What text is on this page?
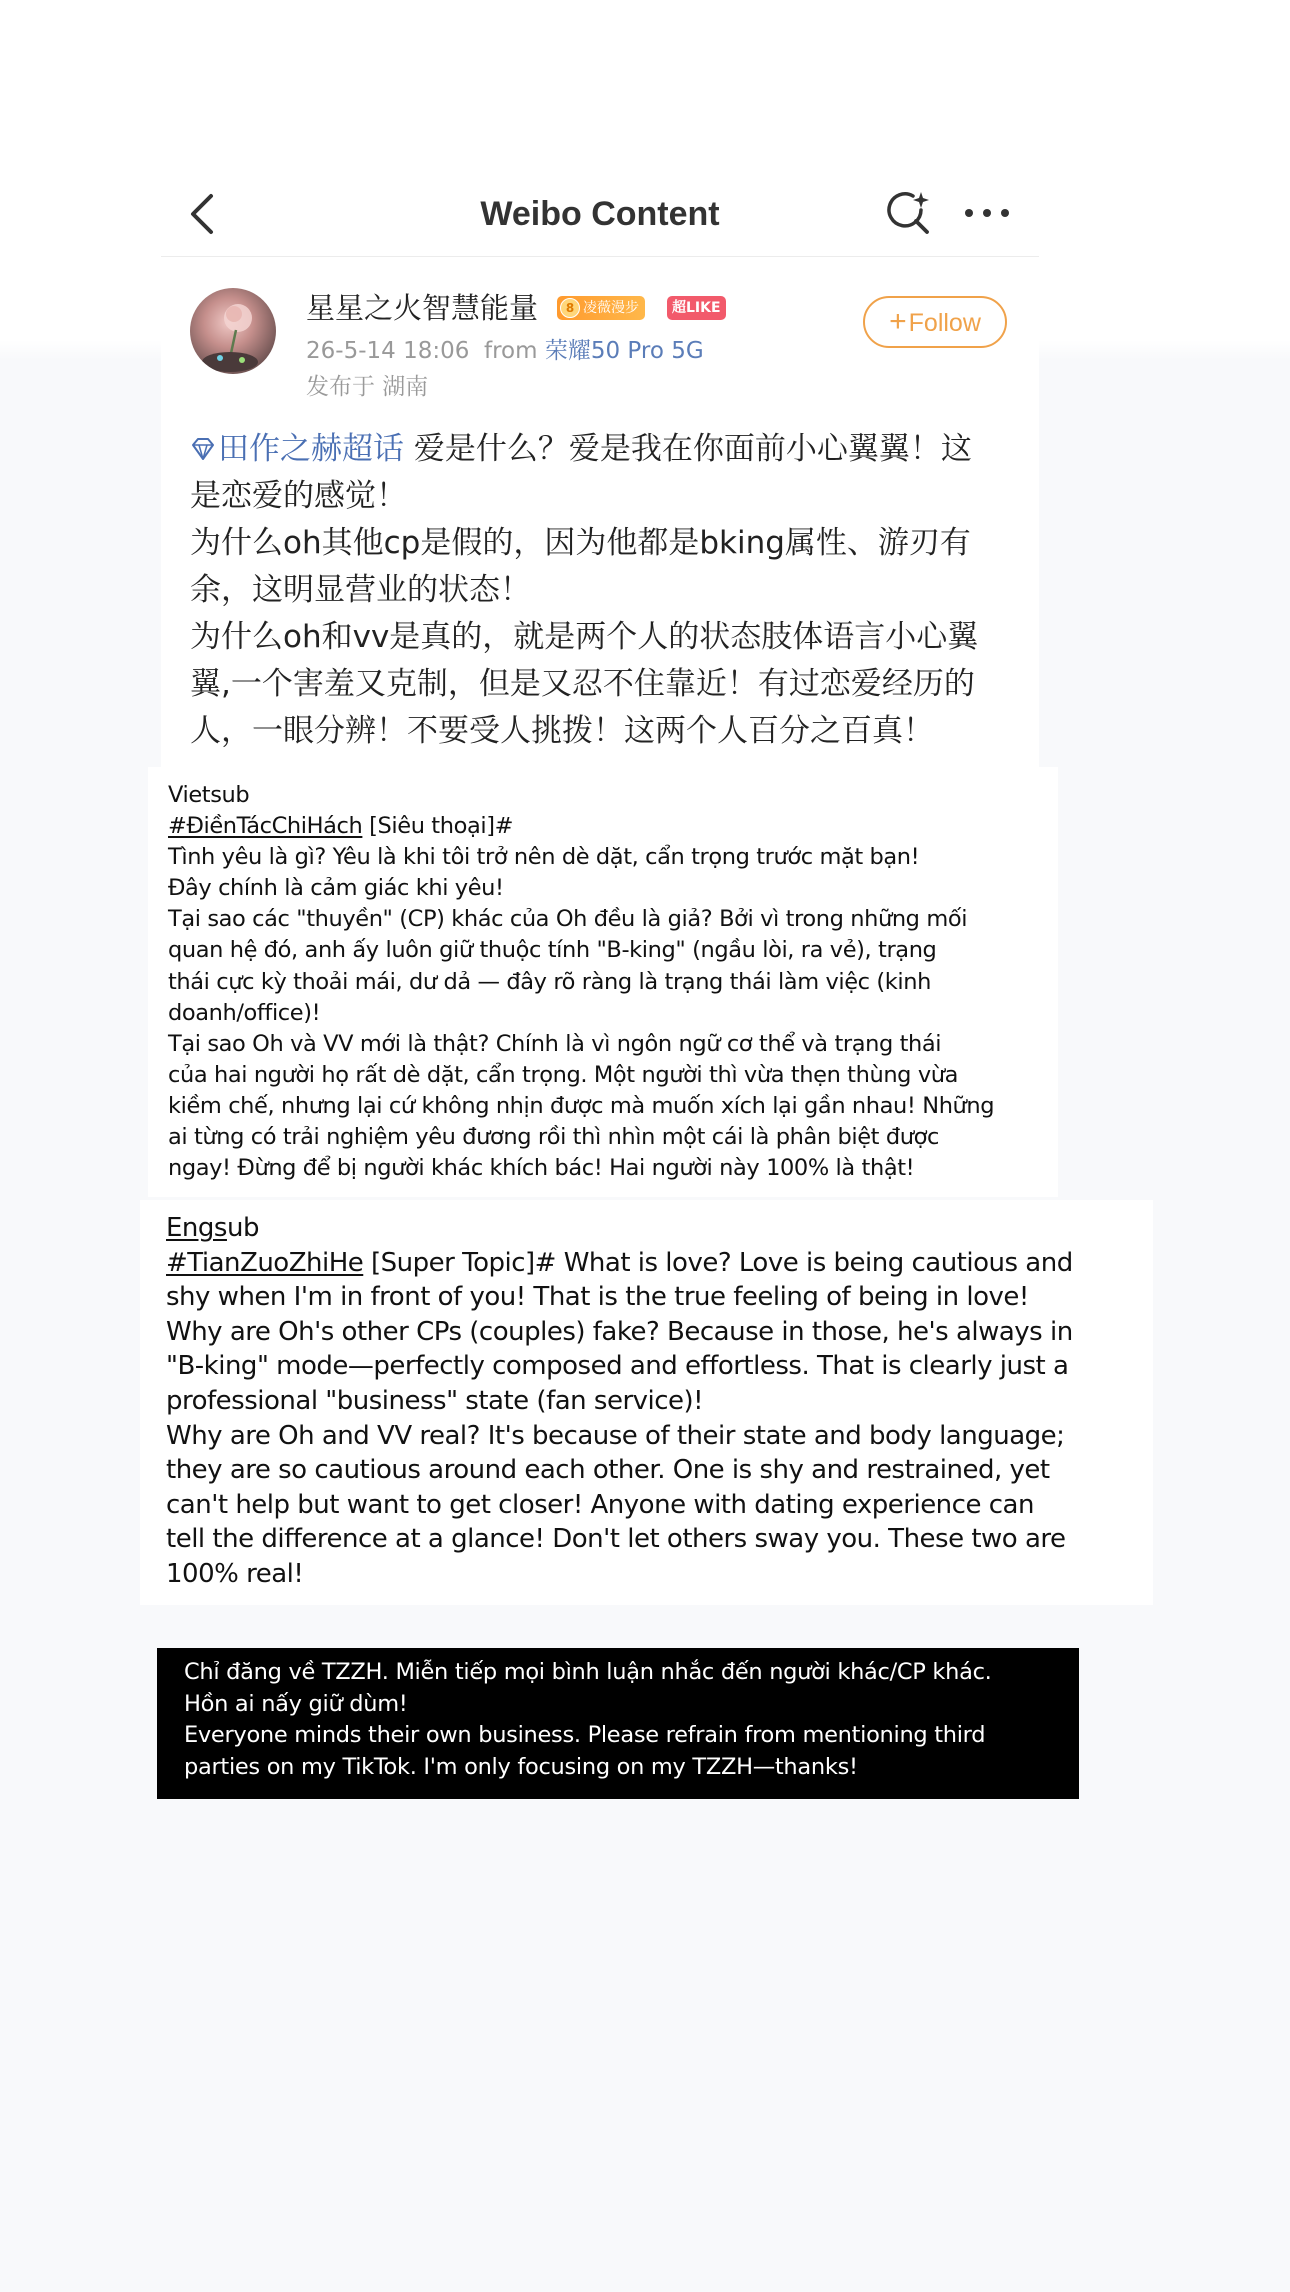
Weibo Content
星星之火智慧能量	8 凌薇漫步	超LIKE	+Follow
26-5-14 18:06 from 荣耀50 Pro 5G
发布于 湖南
田作之赫超话 爱是什么？爱是我在你面前小心翼翼！这
是恋爱的感觉！
为什么oh其他cp是假的，因为他都是bking属性、游刃有
余，这明显营业的状态！
为什么oh和vv是真的，就是两个人的状态肢体语言小心翼
翼,一个害羞又克制，但是又忍不住靠近！有过恋爱经历的
人，一眼分辨！不要受人挑拨！这两个人百分之百真！
Vietsub
#ĐiềnTácChiHách [Siêu thoại]#
Tình yêu là gì? Yêu là khi tôi trở nên dè dặt, cẩn trọng trước mặt bạn!
Đây chính là cảm giác khi yêu!
Tại sao các "thuyền" (CP) khác của Oh đều là giả? Bởi vì trong những mối
quan hệ đó, anh ấy luôn giữ thuộc tính "B-king" (ngầu lòi, ra vẻ), trạng
thái cực kỳ thoải mái, dư dả — đây rõ ràng là trạng thái làm việc (kinh
doanh/office)!
Tại sao Oh và VV mới là thật? Chính là vì ngôn ngữ cơ thể và trạng thái
của hai người họ rất dè dặt, cẩn trọng. Một người thì vừa thẹn thùng vừa
kiềm chế, nhưng lại cứ không nhịn được mà muốn xích lại gần nhau! Những
ai từng có trải nghiệm yêu đương rồi thì nhìn một cái là phân biệt được
ngay! Đừng để bị người khác khích bác! Hai người này 100% là thật!
Engsub
#TianZuoZhiHe [Super Topic]# What is love? Love is being cautious and
shy when I'm in front of you! That is the true feeling of being in love!
Why are Oh's other CPs (couples) fake? Because in those, he's always in
"B-king" mode—perfectly composed and effortless. That is clearly just a
professional "business" state (fan service)!
Why are Oh and VV real? It's because of their state and body language;
they are so cautious around each other. One is shy and restrained, yet
can't help but want to get closer! Anyone with dating experience can
tell the difference at a glance! Don't let others sway you. These two are
100% real!
Chỉ đăng về TZZH. Miễn tiếp mọi bình luận nhắc đến người khác/CP khác.
Hồn ai nấy giữ dùm!
Everyone minds their own business. Please refrain from mentioning third
parties on my TikTok. I'm only focusing on my TZZH—thanks!
